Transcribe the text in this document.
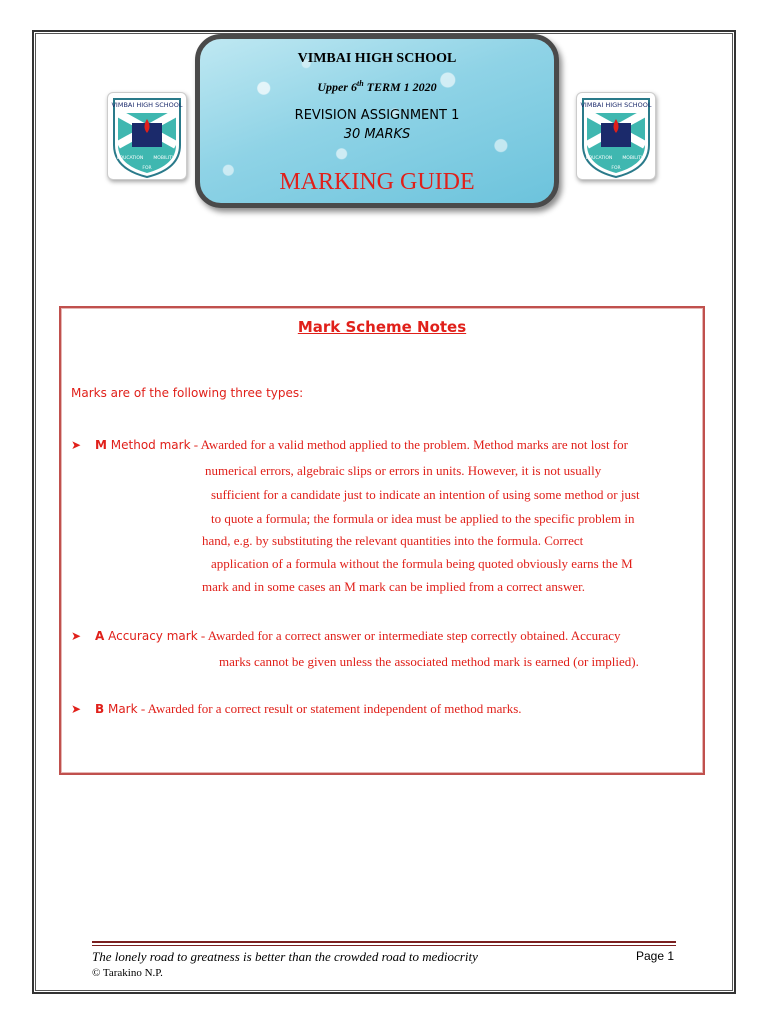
VIMBAI HIGH SCHOOL
EDUCATION MOBILITY
FOR
VIMBAI HIGH SCHOOL
EDUCATION MOBILITY
FOR
VIMBAI HIGH SCHOOL
Upper 6th TERM 1 2020
REVISION ASSIGNMENT 1
30 MARKS
MARKING GUIDE
Mark Scheme Notes
Marks are of the following three types:
➤ M Method mark - Awarded for a valid method applied to the problem. Method marks are not lost for
numerical errors, algebraic slips or errors in units. However, it is not usually
sufficient for a candidate just to indicate an intention of using some method or just
to quote a formula; the formula or idea must be applied to the specific problem in
hand, e.g. by substituting the relevant quantities into the formula. Correct
application of a formula without the formula being quoted obviously earns the M
mark and in some cases an M mark can be implied from a correct answer.
➤ A Accuracy mark - Awarded for a correct answer or intermediate step correctly obtained. Accuracy
marks cannot be given unless the associated method mark is earned (or implied).
➤ B Mark - Awarded for a correct result or statement independent of method marks.
The lonely road to greatness is better than the crowded road to mediocrity	Page 1
© Tarakino N.P.
